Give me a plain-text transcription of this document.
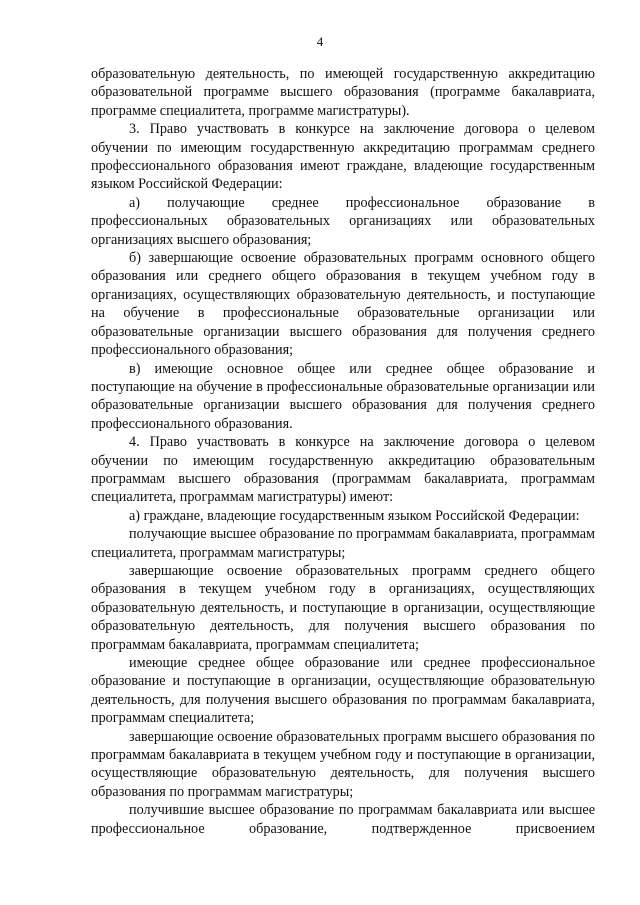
4

образовательную деятельность, по имеющей государственную аккредитацию образовательной программе высшего образования (программе бакалавриата, программе специалитета, программе магистратуры).

3. Право участвовать в конкурсе на заключение договора о целевом обучении по имеющим государственную аккредитацию программам среднего профессионального образования имеют граждане, владеющие государственным языком Российской Федерации:

а) получающие среднее профессиональное образование в профессиональных образовательных организациях или образовательных организациях высшего образования;

б) завершающие освоение образовательных программ основного общего образования или среднего общего образования в текущем учебном году в организациях, осуществляющих образовательную деятельность, и поступающие на обучение в профессиональные образовательные организации или образовательные организации высшего образования для получения среднего профессионального образования;

в) имеющие основное общее или среднее общее образование и поступающие на обучение в профессиональные образовательные организации или образовательные организации высшего образования для получения среднего профессионального образования.

4. Право участвовать в конкурсе на заключение договора о целевом обучении по имеющим государственную аккредитацию образовательным программам высшего образования (программам бакалавриата, программам специалитета, программам магистратуры) имеют:

а) граждане, владеющие государственным языком Российской Федерации:

получающие высшее образование по программам бакалавриата, программам специалитета, программам магистратуры;

завершающие освоение образовательных программ среднего общего образования в текущем учебном году в организациях, осуществляющих образовательную деятельность, и поступающие в организации, осуществляющие образовательную деятельность, для получения высшего образования по программам бакалавриата, программам специалитета;

имеющие среднее общее образование или среднее профессиональное образование и поступающие в организации, осуществляющие образовательную деятельность, для получения высшего образования по программам бакалавриата, программам специалитета;

завершающие освоение образовательных программ высшего образования по программам бакалавриата в текущем учебном году и поступающие в организации, осуществляющие образовательную деятельность, для получения высшего образования по программам магистратуры;

получившие высшее образование по программам бакалавриата или высшее профессиональное образование, подтвержденное присвоением
